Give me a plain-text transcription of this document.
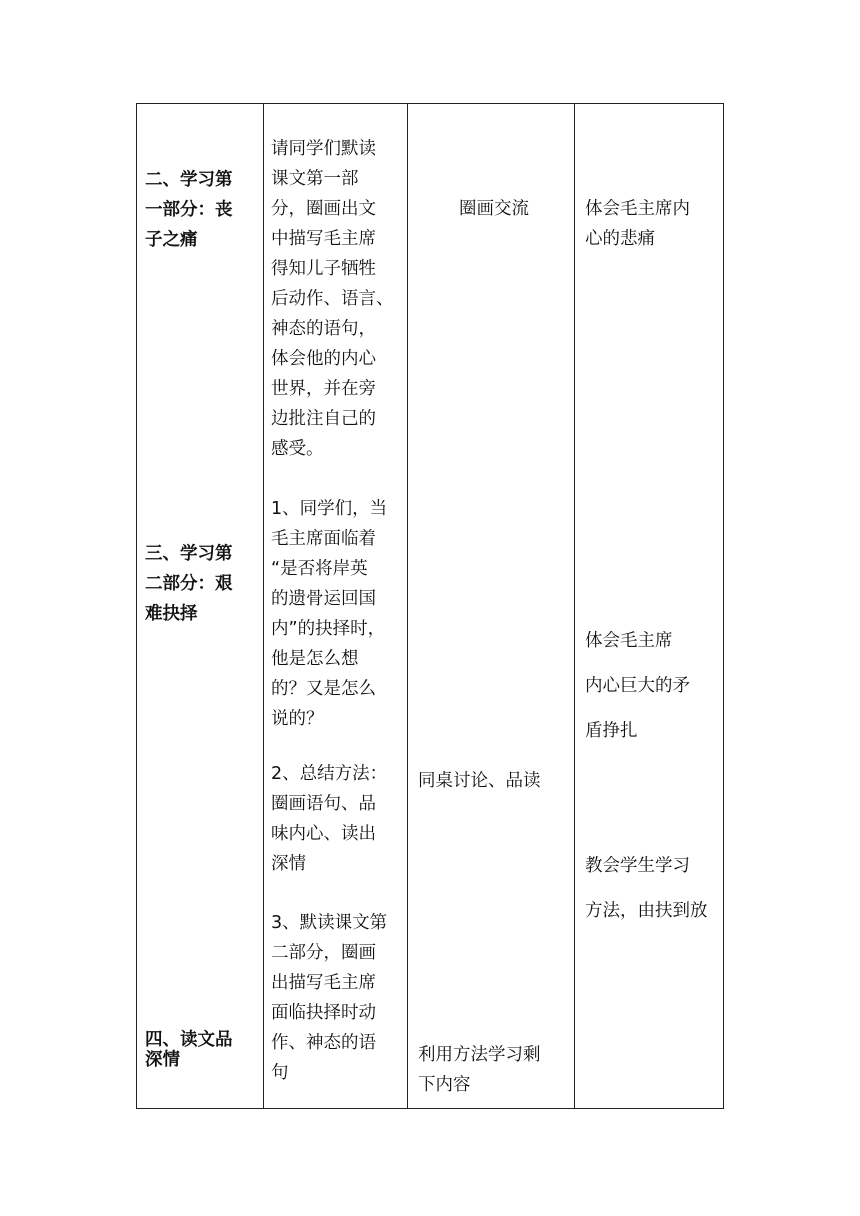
二、学习第
一部分：丧
子之痛
三、学习第
二部分：艰
难抉择
四、读文品
深情
请同学们默读
课文第一部
分，圈画出文
中描写毛主席
得知儿子牺牲
后动作、语言、
神态的语句，
体会他的内心
世界，并在旁
边批注自己的
感受。
1、同学们，当
毛主席面临着
“是否将岸英
的遗骨运回国
内”的抉择时，
他是怎么想
的？又是怎么
说的？
2、总结方法：
圈画语句、品
味内心、读出
深情
3、默读课文第
二部分，圈画
出描写毛主席
面临抉择时动
作、神态的语
句
圈画交流
同桌讨论、品读
利用方法学习剩
下内容
体会毛主席内
心的悲痛
体会毛主席
内心巨大的矛
盾挣扎
教会学生学习
方法，由扶到放
